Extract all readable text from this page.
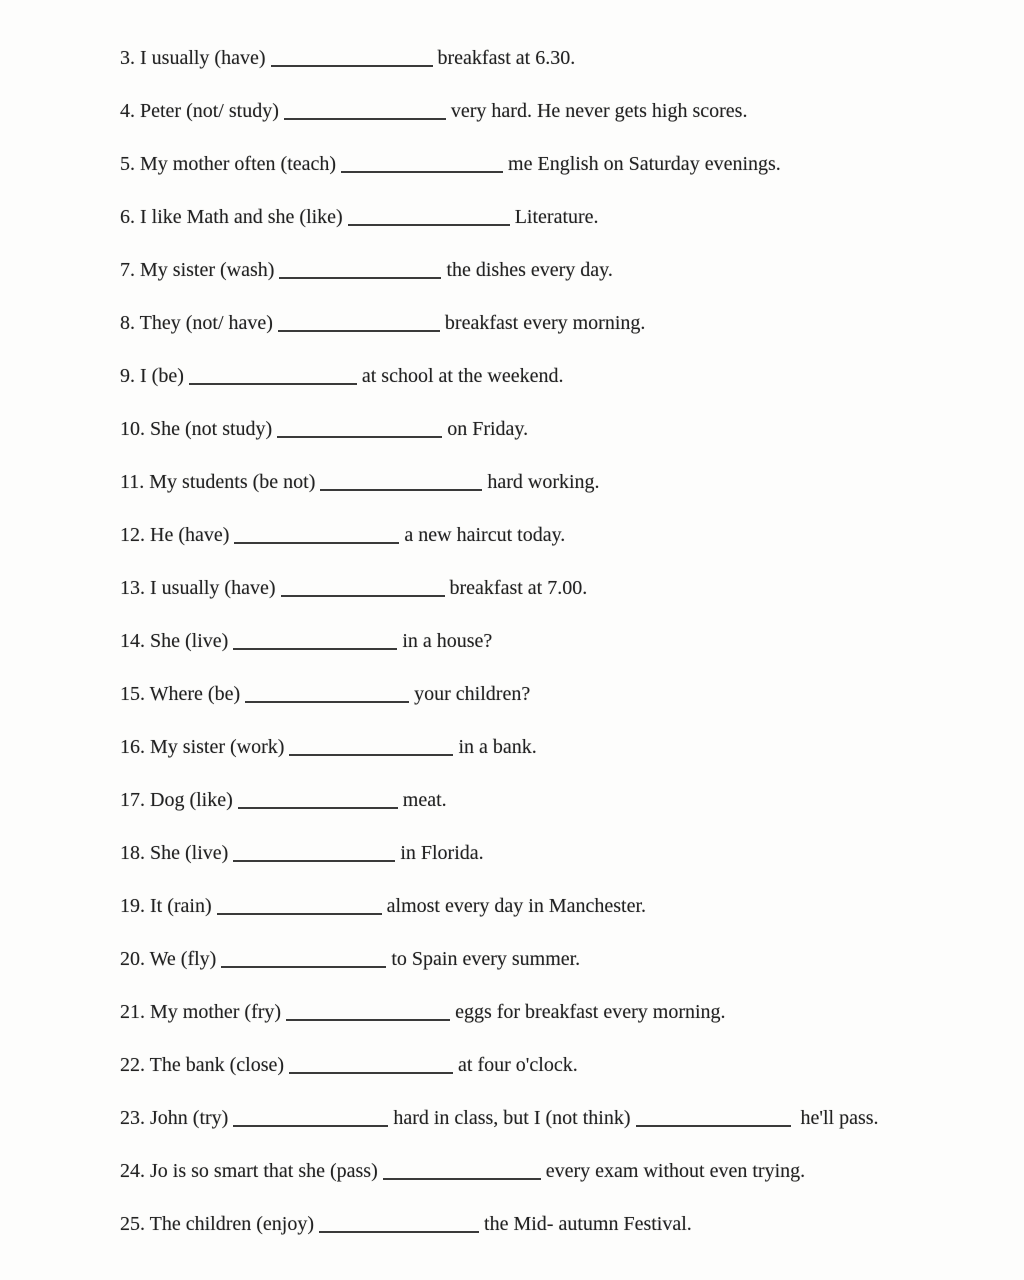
3. I usually (have)	breakfast at 6.30.
4. Peter (not/ study)	very hard. He never gets high scores.
5. My mother often (teach)	me English on Saturday evenings.
6. I like Math and she (like)	Literature.
7. My sister (wash)	the dishes every day.
8. They (not/ have)	breakfast every morning.
9. I (be)	at school at the weekend.
10. She (not study)	on Friday.
11. My students (be not)	hard working.
12. He (have)	a new haircut today.
13. I usually (have)	breakfast at 7.00.
14. She (live)	in a house?
15. Where (be)	your children?
16. My sister (work)	in a bank.
17. Dog (like)	meat.
18. She (live)	in Florida.
19. It (rain)	almost every day in Manchester.
20. We (fly)	to Spain every summer.
21. My mother (fry)	eggs for breakfast every morning.
22. The bank (close)	at four o'clock.
23. John (try)	hard in class, but I (not think)	he'll pass.
24. Jo is so smart that she (pass)	every exam without even trying.
25. The children (enjoy)	the Mid- autumn Festival.
